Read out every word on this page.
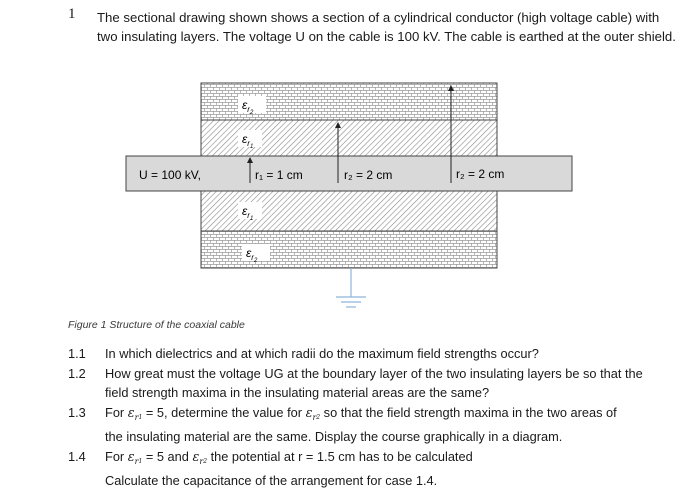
1 The sectional drawing shown shows a section of a cylindrical conductor (high voltage cable) with

two insulating layers. The voltage U on the cable is 100 kV. The cable is earthed at the outer shield.

$\varepsilon_r2$
$\varepsilon_r1$
$\varepsilon_r1$
$\varepsilon_r2$
U = 100 kV,	r₁ = 1 cm	r₂ = 2 cm	r₂ = 2 cm
Figure 1 Structure of the coaxial cable
1.1	In which dielectrics and at which radii do the maximum field strengths occur?
1.2	How great must the voltage UG at the boundary layer of the two insulating layers be so that the
field strength maxima in the insulating material areas are the same?
1.3	For $\varepsilon_r1 = 5$, determine the value for $\varepsilon_r2$ so that the field strength maxima in the two areas of
the insulating material are the same. Display the course graphically in a diagram.
1.4	For $\varepsilon_r1 = 5$ and $\varepsilon_r2$ the potential at r = 1.5 cm has to be calculated
Calculate the capacitance of the arrangement for case 1.4.
